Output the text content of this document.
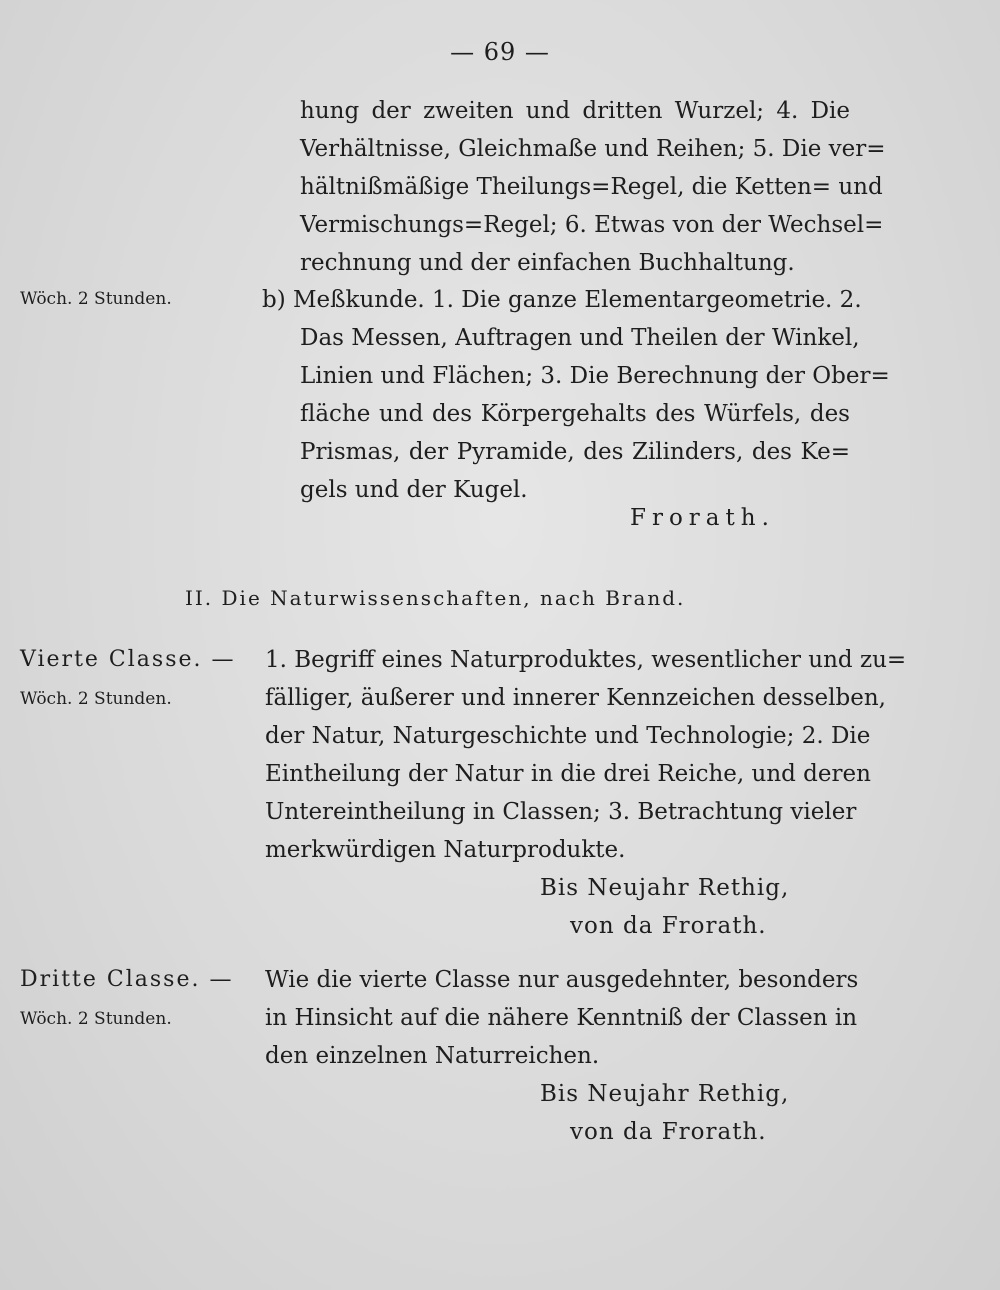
— 69 —
hung der zweiten und dritten Wurzel; 4. Die
Verhältnisse, Gleichmaße und Reihen; 5. Die ver=
hältnißmäßige Theilungs=Regel, die Ketten= und
Vermischungs=Regel; 6. Etwas von der Wechsel=
rechnung und der einfachen Buchhaltung.
Wöch. 2 Stunden.	b) Meßkunde. 1. Die ganze Elementargeometrie. 2.
Das Messen, Auftragen und Theilen der Winkel,
Linien und Flächen; 3. Die Berechnung der Ober=
fläche und des Körpergehalts des Würfels, des
Prismas, der Pyramide, des Zilinders, des Ke=
gels und der Kugel.
Frorath.
II. Die Naturwissenschaften, nach Brand.
Vierte Classe. —
Wöch. 2 Stunden.
1. Begriff eines Naturproduktes, wesentlicher und zu=
fälliger, äußerer und innerer Kennzeichen desselben,
der Natur, Naturgeschichte und Technologie; 2. Die
Eintheilung der Natur in die drei Reiche, und deren
Untereintheilung in Classen; 3. Betrachtung vieler
merkwürdigen Naturprodukte.
Bis Neujahr Rethig,
von da Frorath.
Dritte Classe. —
Wöch. 2 Stunden.
Wie die vierte Classe nur ausgedehnter, besonders
in Hinsicht auf die nähere Kenntniß der Classen in
den einzelnen Naturreichen.
Bis Neujahr Rethig,
von da Frorath.
